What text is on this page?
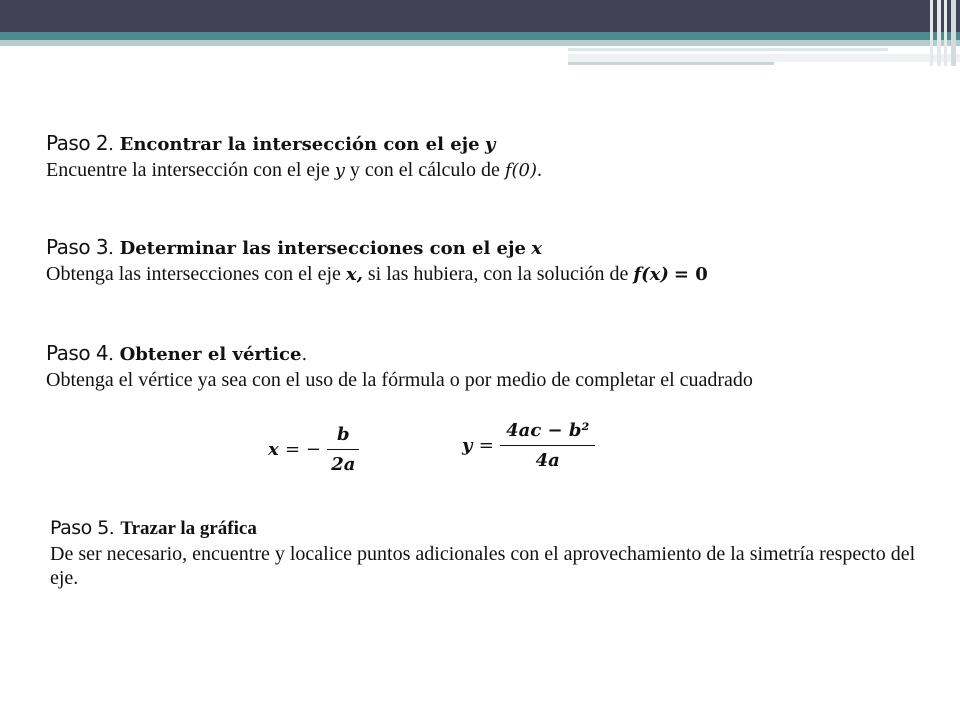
Paso 2. Encontrar la intersección con el eje y
Encuentre la intersección con el eje y y con el cálculo de f(0).
Paso 3. Determinar las intersecciones con el eje x
Obtenga las intersecciones con el eje x, si las hubiera, con la solución de f(x) = 0
Paso 4. Obtener el vértice.
Obtenga el vértice ya sea con el uso de la fórmula o por medio de completar el cuadrado
x = − $\frac{b}{2a}$	$y = \frac{\text{4ac − b²}}{4a}$
Paso 5. Trazar la gráfica
De ser necesario, encuentre y localice puntos adicionales con el aprovechamiento de la simetría respecto del eje.
